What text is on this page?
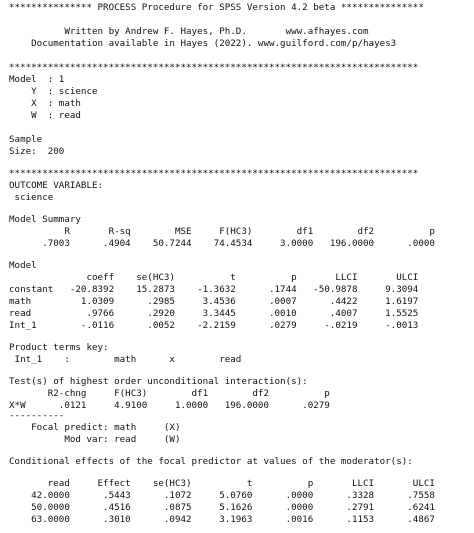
*************** PROCESS Procedure for SPSS Version 4.2 beta ***************
Written by Andrew F. Hayes, Ph.D.       www.afhayes.com
Documentation available in Hayes (2022). www.guilford.com/p/hayes3
**************************************************************************
Model  : 1
Y  : science
X  : math
W  : read
Sample
Size:  200
**************************************************************************
OUTCOME VARIABLE:
science
Model Summary
R       R-sq        MSE     F(HC3)        df1        df2          p
.7003      .4904    50.7244    74.4534     3.0000   196.0000      .0000
Model
coeff    se(HC3)          t          p       LLCI       ULCI
constant   -20.8392    15.2873    -1.3632      .1744   -50.9878     9.3094
math         1.0309      .2985     3.4536      .0007      .4422     1.6197
read          .9766      .2920     3.3445      .0010      .4007     1.5525
Int_1        -.0116      .0052    -2.2159      .0279     -.0219     -.0013
Product terms key:
Int_1    :        math      x        read
Test(s) of highest order unconditional interaction(s):
R2-chng     F(HC3)        df1        df2          p
X*W      .0121     4.9100     1.0000   196.0000      .0279
----------
Focal predict: math     (X)
Mod var: read     (W)
Conditional effects of the focal predictor at values of the moderator(s):
read     Effect    se(HC3)          t          p       LLCI       ULCI
42.0000      .5443      .1072     5.0760      .0000      .3328      .7558
50.0000      .4516      .0875     5.1626      .0000      .2791      .6241
63.0000      .3010      .0942     3.1963      .0016      .1153      .4867
